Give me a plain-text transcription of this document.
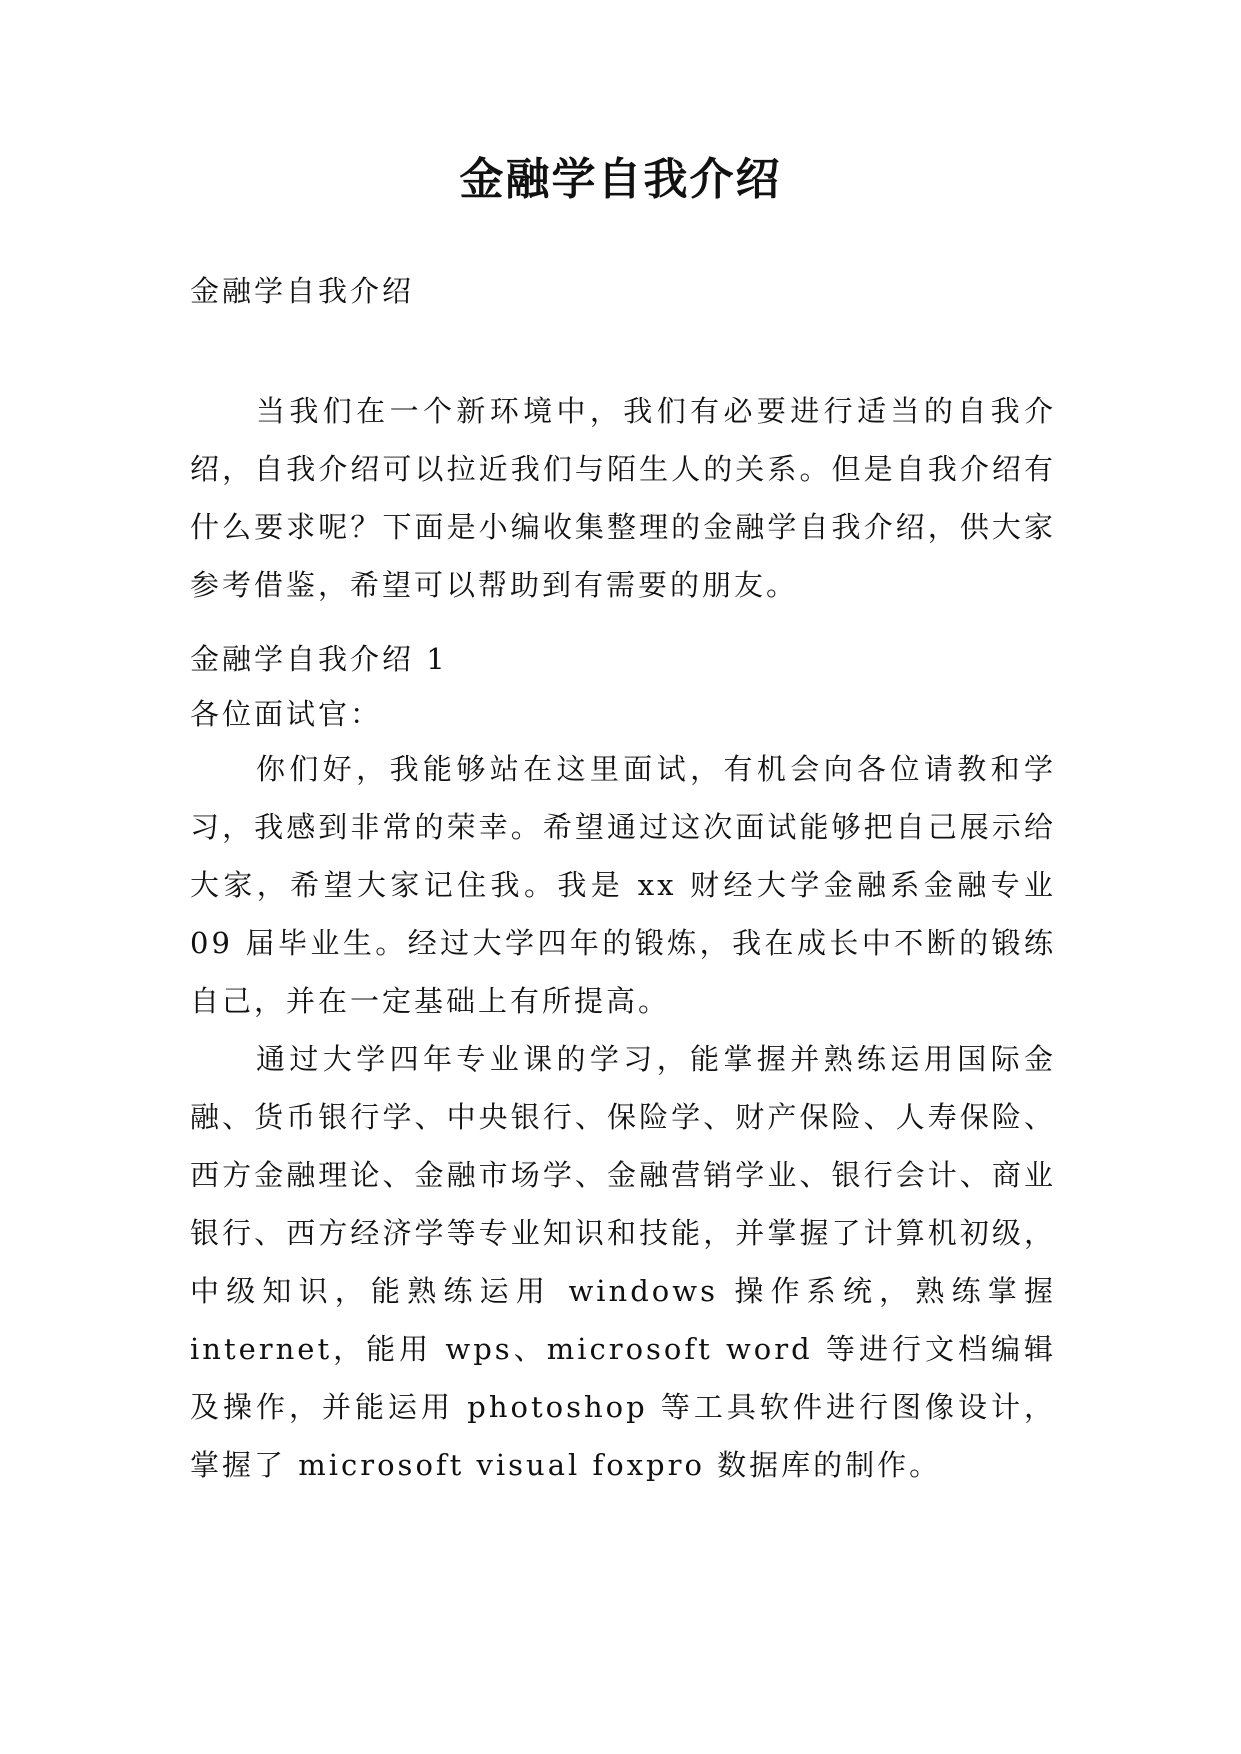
金融学自我介绍

金融学自我介绍

当我们在一个新环境中，我们有必要进行适当的自我介绍，自我介绍可以拉近我们与陌生人的关系。但是自我介绍有什么要求呢？下面是小编收集整理的金融学自我介绍，供大家参考借鉴，希望可以帮助到有需要的朋友。

金融学自我介绍 1

各位面试官：

你们好，我能够站在这里面试，有机会向各位请教和学习，我感到非常的荣幸。希望通过这次面试能够把自己展示给大家，希望大家记住我。我是 xx 财经大学金融系金融专业 09 届毕业生。经过大学四年的锻炼，我在成长中不断的锻练自己，并在一定基础上有所提高。

通过大学四年专业课的学习，能掌握并熟练运用国际金融、货币银行学、中央银行、保险学、财产保险、人寿保险、西方金融理论、金融市场学、金融营销学业、银行会计、商业银行、西方经济学等专业知识和技能，并掌握了计算机初级，中级知识，能熟练运用 windows 操作系统，熟练掌握 internet，能用 wps、microsoft word 等进行文档编辑及操作，并能运用 photoshop 等工具软件进行图像设计，掌握了 microsoft visual foxpro 数据库的制作。
